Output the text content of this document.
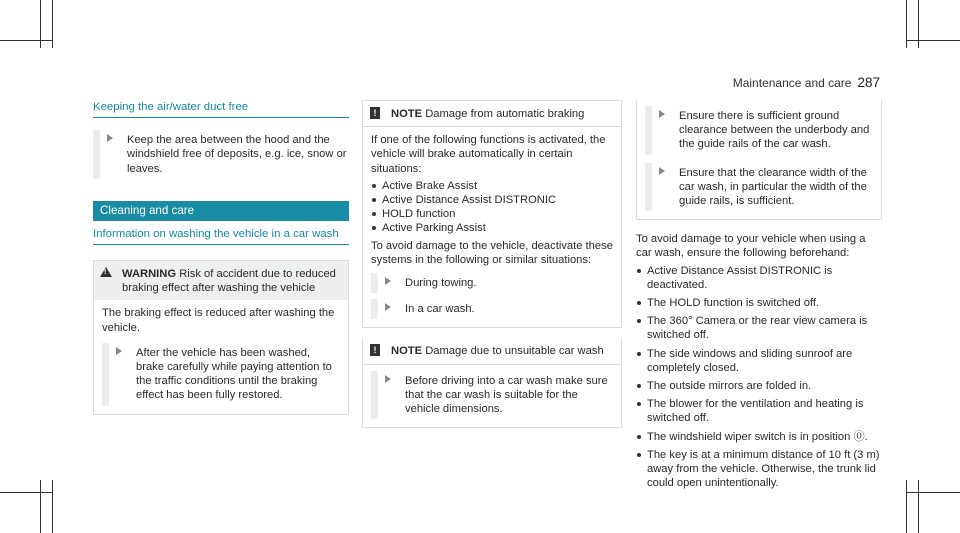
Maintenance and care 287
Keeping the air/water duct free
Keep the area between the hood and the windshield free of deposits, e.g. ice, snow or leaves.
Cleaning and care
Information on washing the vehicle in a car wash
!
WARNING Risk of accident due to reduced braking effect after washing the vehicle
The braking effect is reduced after washing the vehicle.
After the vehicle has been washed, brake carefully while paying attention to the traffic conditions until the braking effect has been fully restored.
!	NOTE Damage from automatic braking
If one of the following functions is activated, the vehicle will brake automatically in certain situations:
Active Brake Assist
Active Distance Assist DISTRONIC
HOLD function
Active Parking Assist
To avoid damage to the vehicle, deactivate these systems in the following or similar situations:
During towing.
In a car wash.
!	NOTE Damage due to unsuitable car wash
Before driving into a car wash make sure that the car wash is suitable for the vehicle dimensions.
Ensure there is sufficient ground clearance between the underbody and the guide rails of the car wash.
Ensure that the clearance width of the car wash, in particular the width of the guide rails, is sufficient.
To avoid damage to your vehicle when using a car wash, ensure the following beforehand:
Active Distance Assist DISTRONIC is deactivated.
The HOLD function is switched off.
The 360° Camera or the rear view camera is switched off.
The side windows and sliding sunroof are completely closed.
The outside mirrors are folded in.
The blower for the ventilation and heating is switched off.
The windshield wiper switch is in position ⓪.
The key is at a minimum distance of 10 ft (3 m) away from the vehicle. Otherwise, the trunk lid could open unintentionally.
